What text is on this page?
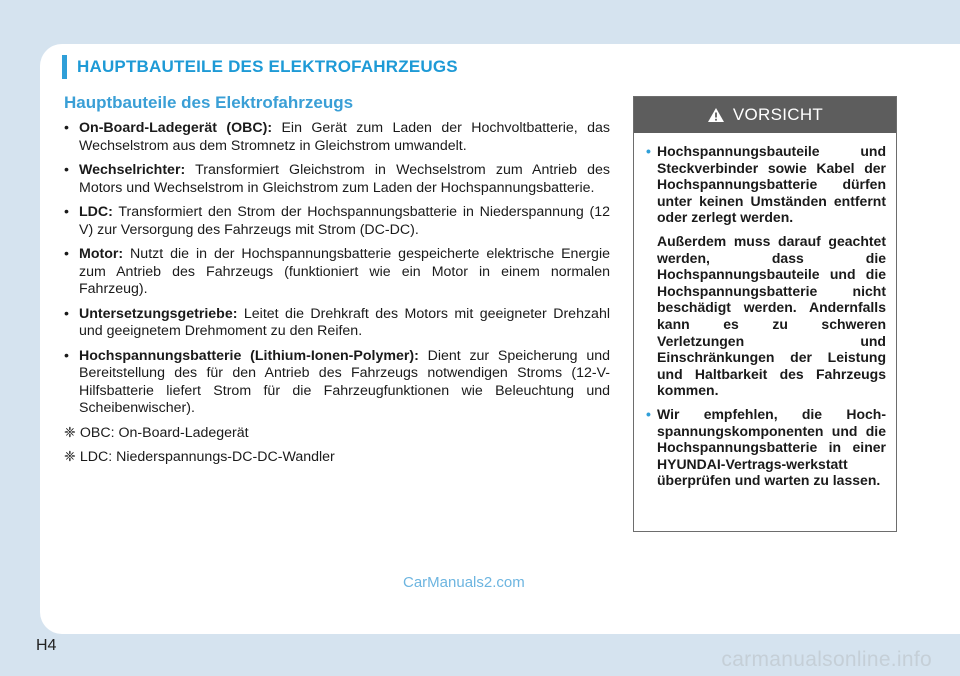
HAUPTBAUTEILE DES ELEKTROFAHRZEUGS
Hauptbauteile des Elektrofahrzeugs
• On-Board-Ladegerät (OBC): Ein Gerät zum Laden der Hochvoltbatterie, das Wechselstrom aus dem Stromnetz in Gleichstrom umwandelt.
• Wechselrichter: Transformiert Gleichstrom in Wechselstrom zum Antrieb des Motors und Wechselstrom in Gleichstrom zum Laden der Hochspannungsbatterie.
• LDC: Transformiert den Strom der Hochspannungsbatterie in Niederspannung (12 V) zur Versorgung des Fahrzeugs mit Strom (DC-DC).
• Motor: Nutzt die in der Hochspannungsbatterie gespeicherte elektrische Energie zum Antrieb des Fahrzeugs (funktioniert wie ein Motor in einem normalen Fahrzeug).
• Untersetzungsgetriebe: Leitet die Drehkraft des Motors mit geeigneter Drehzahl und geeignetem Drehmoment zu den Reifen.
• Hochspannungsbatterie (Lithium-Ionen-Polymer): Dient zur Speicherung und Bereitstellung des für den Antrieb des Fahrzeugs notwendigen Stroms (12-V-Hilfsbatterie liefert Strom für die Fahrzeugfunktionen wie Beleuchtung und Scheibenwischer).
❈ OBC: On-Board-Ladegerät
❈ LDC: Niederspannungs-DC-DC-Wandler
VORSICHT
• Hochspannungsbauteile und Steckverbinder sowie Kabel der Hochspannungsbatterie dürfen unter keinen Umständen entfernt oder zerlegt werden.
Außerdem muss darauf geachtet werden, dass die Hochspannungsbauteile und die Hochspannungsbatterie nicht beschädigt werden. Andernfalls kann es zu schweren Verletzungen und Einschränkungen der Leistung und Haltbarkeit des Fahrzeugs kommen.
• Wir empfehlen, die Hoch-spannungskomponenten und die Hochspannungsbatterie in einer HYUNDAI-Vertrags-werkstatt überprüfen und warten zu lassen.
CarManuals2.com
H4
carmanualsonline.info
